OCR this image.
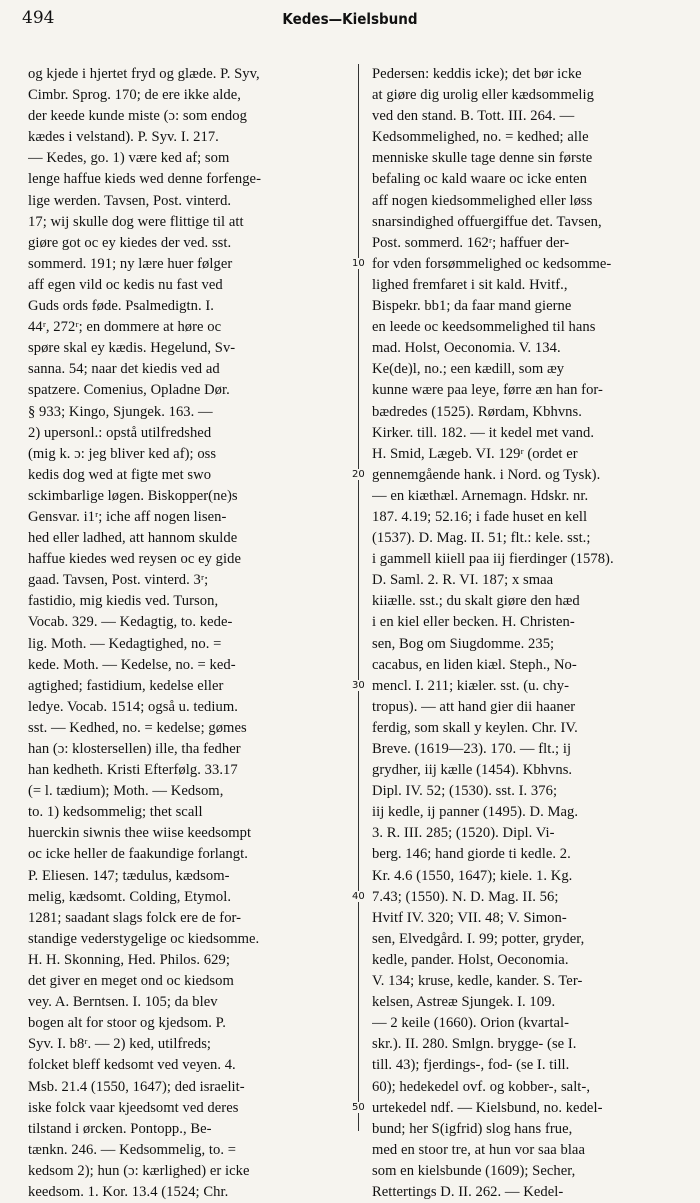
494	Kedes—Kielsbund
og kjede i hjertet fryd og glæde. P. Syv,
Cimbr. Sprog. 170; de ere ikke alde,
der keede kunde miste (ɔ: som endog
kædes i velstand). P. Syv. I. 217.
— Kedes, go. 1) være ked af; som
lenge haffue kieds wed denne forfenge-
lige werden. Tavsen, Post. vinterd.
17; wij skulle dog were flittige til att
giøre got oc ey kiedes der ved. sst.
sommerd. 191; ny lære huer følger
aff egen vild oc kedis nu fast ved
Guds ords føde. Psalmedigtn. I.
44ʳ, 272ʳ; en dommere at høre oc
spøre skal ey kædis. Hegelund, Sv-
sanna. 54; naar det kiedis ved ad
spatzere. Comenius, Opladne Dør.
§ 933; Kingo, Sjungek. 163. —
2) upersonl.: opstå utilfredshed
(mig k. ɔ: jeg bliver ked af); oss
kedis dog wed at figte met swo
sckimbarlige løgen. Biskopper(ne)s
Gensvar. i1ʳ; iche aff nogen lisen-
hed eller ladhed, att hannom skulde
haffue kiedes wed reysen oc ey gide
gaad. Tavsen, Post. vinterd. 3ʳ;
fastidio, mig kiedis ved. Turson,
Vocab. 329. — Kedagtig, to. kede-
lig. Moth. — Kedagtighed, no. =
kede. Moth. — Kedelse, no. = ked-
agtighed; fastidium, kedelse eller
ledye. Vocab. 1514; også u. tedium.
sst. — Kedhed, no. = kedelse; gømes
han (ɔ: klostersellen) ille, tha fedher
han kedheth. Kristi Efterfølg. 33.17
(= l. tædium); Moth. — Kedsom,
to. 1) kedsommelig; thet scall
huerckin siwnis thee wiise keedsompt
oc icke heller de faakundige forlangt.
P. Eliesen. 147; tædulus, kædsom-
melig, kædsomt. Colding, Etymol.
1281; saadant slags folck ere de for-
standige vederstygelige oc kiedsomme.
H. H. Skonning, Hed. Philos. 629;
det giver en meget ond oc kiedsom
vey. A. Berntsen. I. 105; da blev
bogen alt for stoor og kjedsom. P.
Syv. I. b8ʳ. — 2) ked, utilfreds;
folcket bleff kedsomt ved veyen. 4.
Msb. 21.4 (1550, 1647); ded israelit-
iske folck vaar kjeedsomt ved deres
tilstand i ørcken. Pontopp., Be-
tænkn. 246. — Kedsommelig, to. =
kedsom 2); hun (ɔ: kærlighed) er icke
keedsom. 1. Kor. 13.4 (1524; Chr.
Pedersen: keddis icke); det bør icke
at giøre dig urolig eller kædsommelig
ved den stand. B. Tott. III. 264. —
Kedsommelighed, no. = kedhed; alle
menniske skulle tage denne sin første
befaling oc kald waare oc icke enten
aff nogen kiedsommelighed eller løss
snarsindighed offuergiffue det. Tavsen,
Post. sommerd. 162ʳ; haffuer der-
for vden forsømmelighed oc kedsomme-
lighed fremfaret i sit kald. Hvitf.,
Bispekr. bb1; da faar mand gierne
en leede oc keedsommelighed til hans
mad. Holst, Oeconomia. V. 134.
Ke(de)l, no.; een kædill, som æy
kunne wære paa leye, førre æn han for-
bædredes (1525). Rørdam, Kbhvns.
Kirker. till. 182. — it kedel met vand.
H. Smid, Lægeb. VI. 129ʳ (ordet er
gennemgående hank. i Nord. og Tysk).
— en kiæthæl. Arnemagn. Hdskr. nr.
187. 4.19; 52.16; i fade huset en kell
(1537). D. Mag. II. 51; flt.: kele. sst.;
i gammell kiiell paa iij fierdinger (1578).
D. Saml. 2. R. VI. 187; x smaa
kiiælle. sst.; du skalt giøre den hæd
i en kiel eller becken. H. Christen-
sen, Bog om Siugdomme. 235;
cacabus, en liden kiæl. Steph., No-
mencl. I. 211; kiæler. sst. (u. chy-
tropus). — att hand gier dii haaner
ferdig, som skall y keylen. Chr. IV.
Breve. (1619—23). 170. — flt.; ij
grydher, iij kælle (1454). Kbhvns.
Dipl. IV. 52; (1530). sst. I. 376;
iij kedle, ij panner (1495). D. Mag.
3. R. III. 285; (1520). Dipl. Vi-
berg. 146; hand giorde ti kedle. 2.
Kr. 4.6 (1550, 1647); kiele. 1. Kg.
7.43; (1550). N. D. Mag. II. 56;
Hvitf IV. 320; VII. 48; V. Simon-
sen, Elvedgård. I. 99; potter, gryder,
kedle, pander. Holst, Oeconomia.
V. 134; kruse, kedle, kander. S. Ter-
kelsen, Astreæ Sjungek. I. 109.
— 2 keile (1660). Orion (kvartal-
skr.). II. 280. Smlgn. brygge- (se I.
till. 43); fjerdings-, fod- (se I. till.
60); hedekedel ovf. og kobber-, salt-,
urtekedel ndf. — Kielsbund, no. kedel-
bund; her S(igfrid) slog hans frue,
med en stoor tre, at hun vor saa blaa
som en kielsbunde (1609); Secher,
Rettertings D. II. 262. — Kedel-
10
20
30
40
50
